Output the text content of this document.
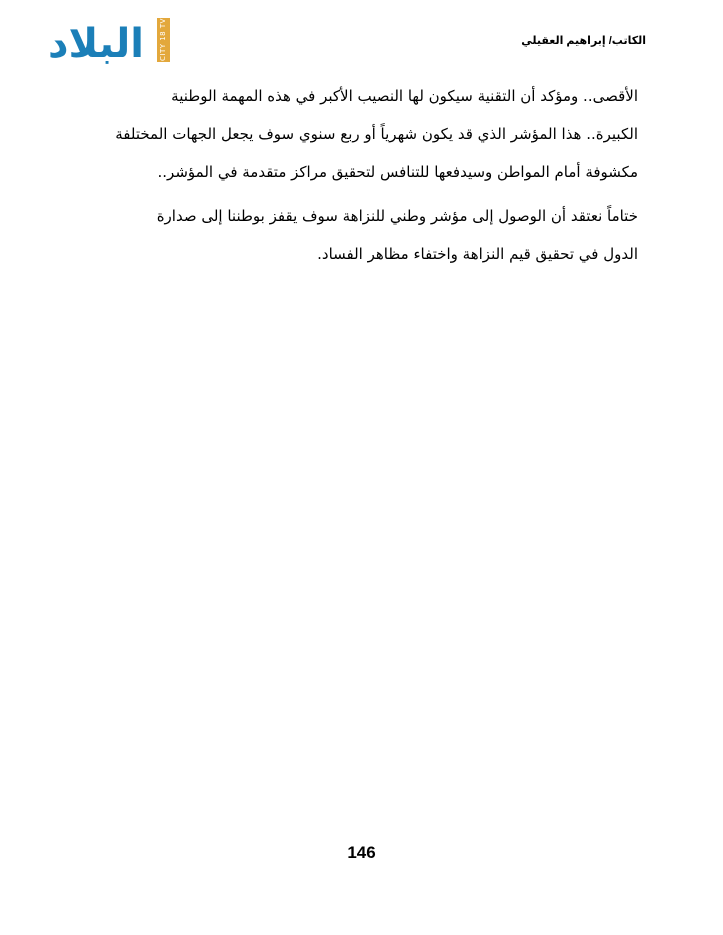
البلاد CITY 18 TV	الكاتب/ إبراهيم العقيلي
الأقصى.. ومؤكد أن التقنية سيكون لها النصيب الأكبر في هذه المهمة الوطنية
الكبيرة.. هذا المؤشر الذي قد يكون شهرياً أو ربع سنوي سوف يجعل الجهات المختلفة
مكشوفة أمام المواطن وسيدفعها للتنافس لتحقيق مراكز متقدمة في المؤشر..
ختاماً نعتقد أن الوصول إلى مؤشر وطني للنزاهة سوف يقفز بوطننا إلى صدارة
الدول في تحقيق قيم النزاهة واختفاء مظاهر الفساد.
146
